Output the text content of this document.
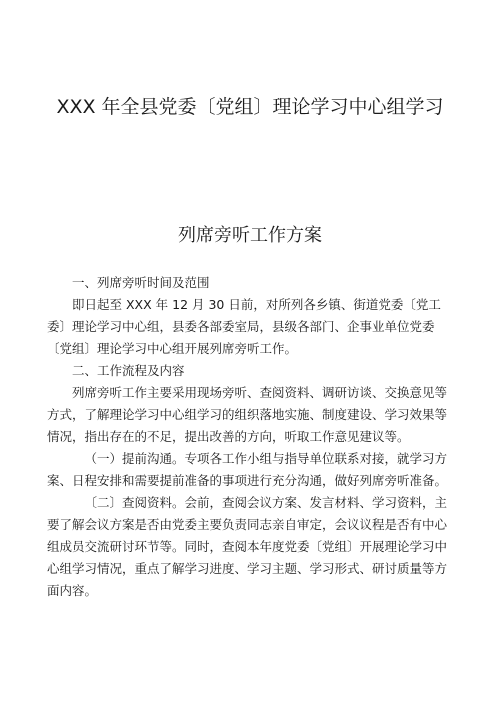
XXX 年全县党委〔党组〕理论学习中心组学习
列席旁听工作方案

一、列席旁听时间及范围

即日起至 XXX 年 12 月 30 日前，对所列各乡镇、街道党委〔党工委〕理论学习中心组，县委各部委室局，县级各部门、企事业单位党委〔党组〕理论学习中心组开展列席旁听工作。

二、工作流程及内容

列席旁听工作主要采用现场旁听、查阅资料、调研访谈、交换意见等方式，了解理论学习中心组学习的组织落地实施、制度建设、学习效果等情况，指出存在的不足，提出改善的方向，听取工作意见建议等。

（一）提前沟通。专项各工作小组与指导单位联系对接，就学习方案、日程安排和需要提前准备的事项进行充分沟通，做好列席旁听准备。

〔二〕查阅资料。会前，查阅会议方案、发言材料、学习资料，主要了解会议方案是否由党委主要负责同志亲自审定，会议议程是否有中心组成员交流研讨环节等。同时，查阅本年度党委〔党组〕开展理论学习中心组学习情况，重点了解学习进度、学习主题、学习形式、研讨质量等方面内容。
